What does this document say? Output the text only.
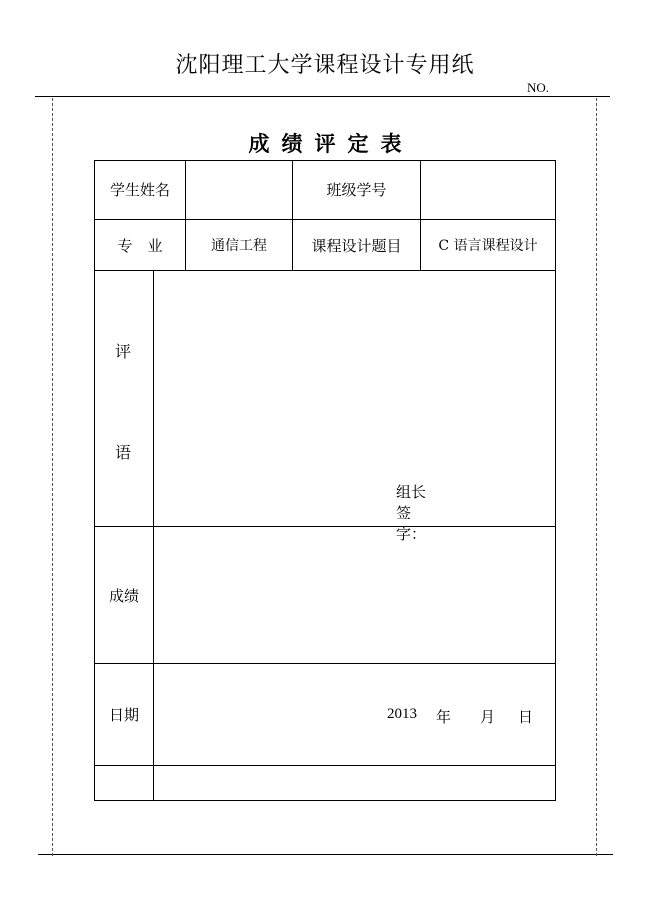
沈阳理工大学课程设计专用纸
NO.
成绩评定表
学生姓名	班级学号
专　业	通信工程	课程设计题目	C 语言课程设计
评
语
组长签字：
成绩
日期	2013 年 月 日
